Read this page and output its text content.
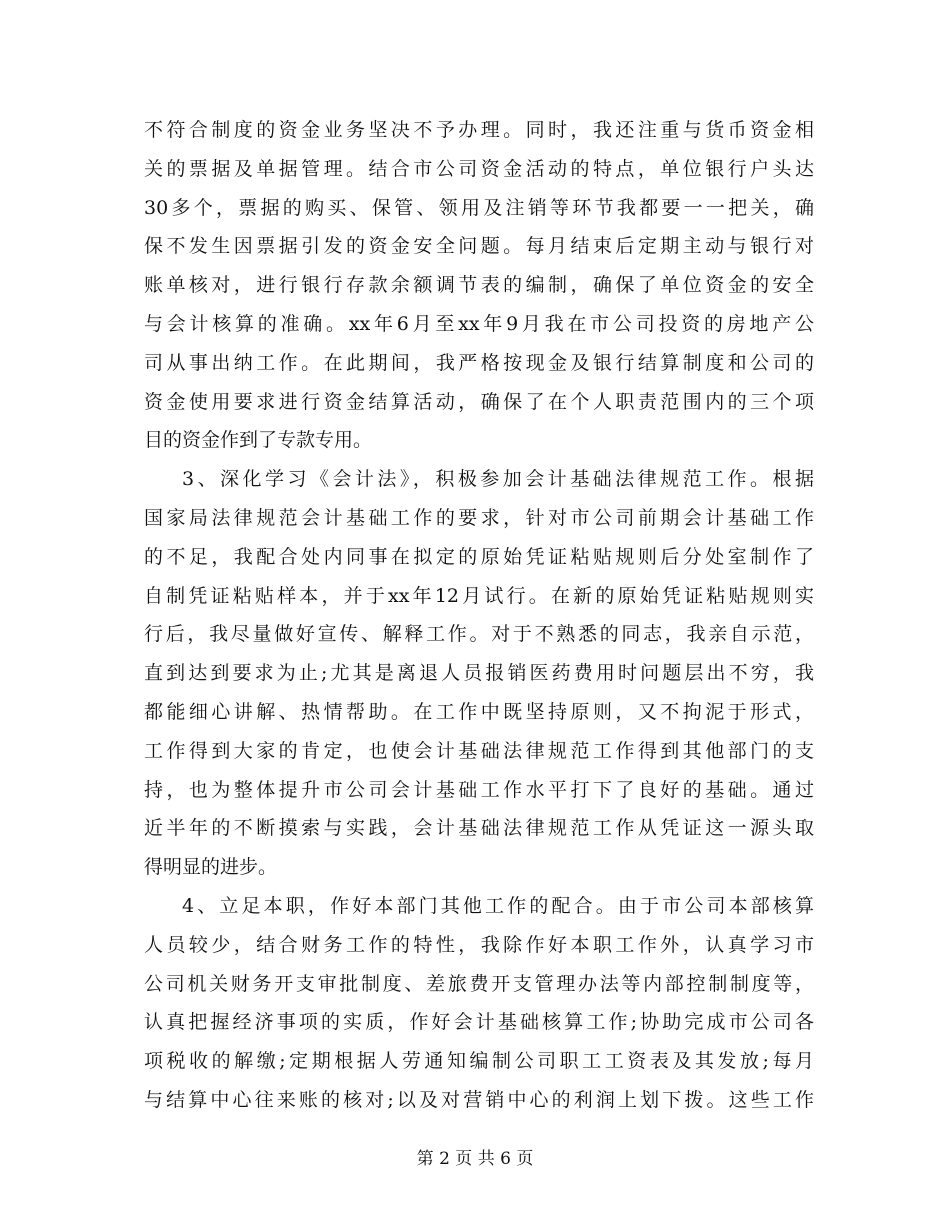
不符合制度的资金业务坚决不予办理。同时，我还注重与货币资金相
关的票据及单据管理。结合市公司资金活动的特点，单位银行户头达
30多个，票据的购买、保管、领用及注销等环节我都要一一把关，确
保不发生因票据引发的资金安全问题。每月结束后定期主动与银行对
账单核对，进行银行存款余额调节表的编制，确保了单位资金的安全
与会计核算的准确。xx年6月至xx年9月我在市公司投资的房地产公
司从事出纳工作。在此期间，我严格按现金及银行结算制度和公司的
资金使用要求进行资金结算活动，确保了在个人职责范围内的三个项
目的资金作到了专款专用。
3、深化学习《会计法》，积极参加会计基础法律规范工作。根据
国家局法律规范会计基础工作的要求，针对市公司前期会计基础工作
的不足，我配合处内同事在拟定的原始凭证粘贴规则后分处室制作了
自制凭证粘贴样本，并于xx年12月试行。在新的原始凭证粘贴规则实
行后，我尽量做好宣传、解释工作。对于不熟悉的同志，我亲自示范，
直到达到要求为止;尤其是离退人员报销医药费用时问题层出不穷，我
都能细心讲解、热情帮助。在工作中既坚持原则，又不拘泥于形式，
工作得到大家的肯定，也使会计基础法律规范工作得到其他部门的支
持，也为整体提升市公司会计基础工作水平打下了良好的基础。通过
近半年的不断摸索与实践，会计基础法律规范工作从凭证这一源头取
得明显的进步。
4、立足本职，作好本部门其他工作的配合。由于市公司本部核算
人员较少，结合财务工作的特性，我除作好本职工作外，认真学习市
公司机关财务开支审批制度、差旅费开支管理办法等内部控制制度等，
认真把握经济事项的实质，作好会计基础核算工作;协助完成市公司各
项税收的解缴;定期根据人劳通知编制公司职工工资表及其发放;每月
与结算中心往来账的核对;以及对营销中心的利润上划下拨。这些工作
第 2 页 共 6 页
